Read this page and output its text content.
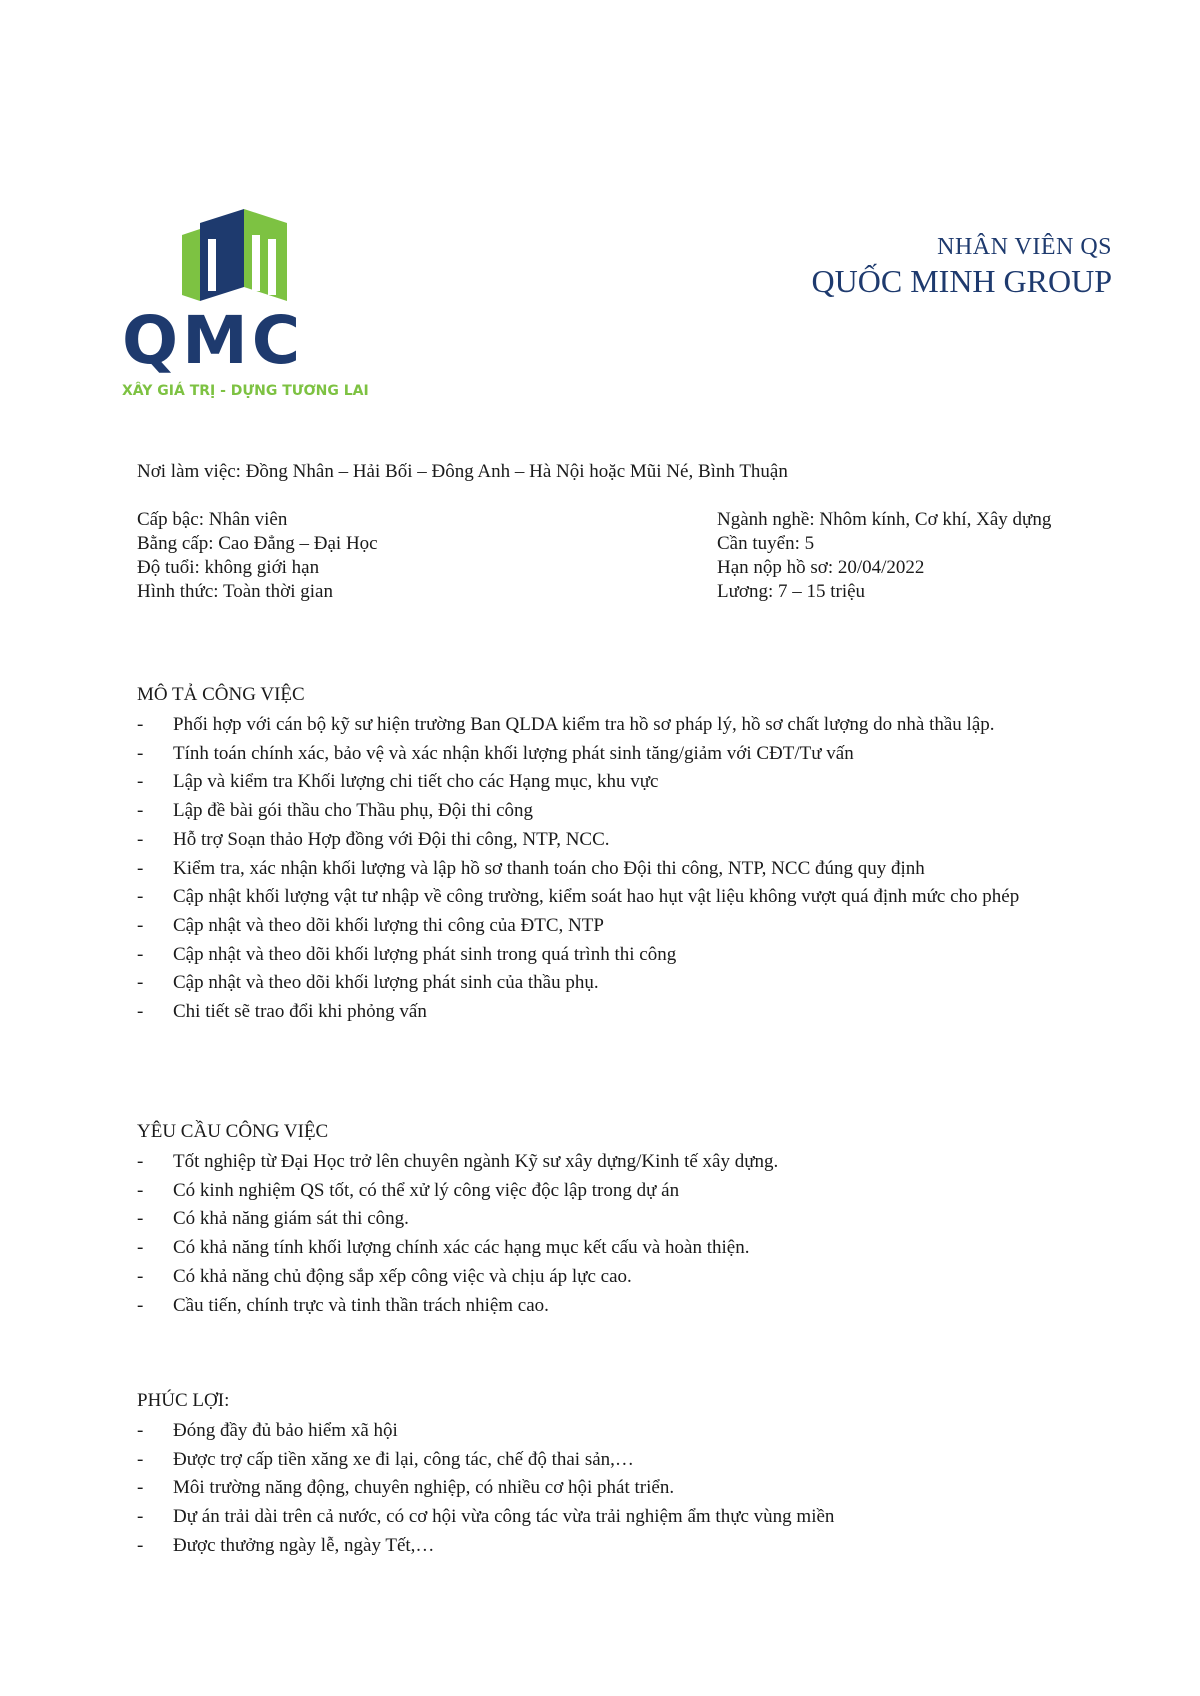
QMC
XÂY GIÁ TRỊ - DỰNG TƯƠNG LAI
NHÂN VIÊN QS
QUỐC MINH GROUP
Nơi làm việc: Đồng Nhân – Hải Bối – Đông Anh – Hà Nội hoặc Mũi Né, Bình Thuận
Cấp bậc: Nhân viên
Bằng cấp: Cao Đẳng – Đại Học
Độ tuổi: không giới hạn
Hình thức: Toàn thời gian
Ngành nghề: Nhôm kính, Cơ khí, Xây dựng
Cần tuyển: 5
Hạn nộp hồ sơ: 20/04/2022
Lương: 7 – 15 triệu
MÔ TẢ CÔNG VIỆC
- Phối hợp với cán bộ kỹ sư hiện trường Ban QLDA kiểm tra hồ sơ pháp lý, hồ sơ chất lượng do nhà thầu lập.
- Tính toán chính xác, bảo vệ và xác nhận khối lượng phát sinh tăng/giảm với CĐT/Tư vấn
- Lập và kiểm tra Khối lượng chi tiết cho các Hạng mục, khu vực
- Lập đề bài gói thầu cho Thầu phụ, Đội thi công
- Hỗ trợ Soạn thảo Hợp đồng với Đội thi công, NTP, NCC.
- Kiểm tra, xác nhận khối lượng và lập hồ sơ thanh toán cho Đội thi công, NTP, NCC đúng quy định
- Cập nhật khối lượng vật tư nhập về công trường, kiểm soát hao hụt vật liệu không vượt quá định mức cho phép
- Cập nhật và theo dõi khối lượng thi công của ĐTC, NTP
- Cập nhật và theo dõi khối lượng phát sinh trong quá trình thi công
- Cập nhật và theo dõi khối lượng phát sinh của thầu phụ.
- Chi tiết sẽ trao đổi khi phỏng vấn
YÊU CẦU CÔNG VIỆC
- Tốt nghiệp từ Đại Học trở lên chuyên ngành Kỹ sư xây dựng/Kinh tế xây dựng.
- Có kinh nghiệm QS tốt, có thể xử lý công việc độc lập trong dự án
- Có khả năng giám sát thi công.
- Có khả năng tính khối lượng chính xác các hạng mục kết cấu và hoàn thiện.
- Có khả năng chủ động sắp xếp công việc và chịu áp lực cao.
- Cầu tiến, chính trực và tinh thần trách nhiệm cao.
PHÚC LỢI:
- Đóng đầy đủ bảo hiểm xã hội
- Được trợ cấp tiền xăng xe đi lại, công tác, chế độ thai sản,…
- Môi trường năng động, chuyên nghiệp, có nhiều cơ hội phát triển.
- Dự án trải dài trên cả nước, có cơ hội vừa công tác vừa trải nghiệm ẩm thực vùng miền
- Được thưởng ngày lễ, ngày Tết,…
